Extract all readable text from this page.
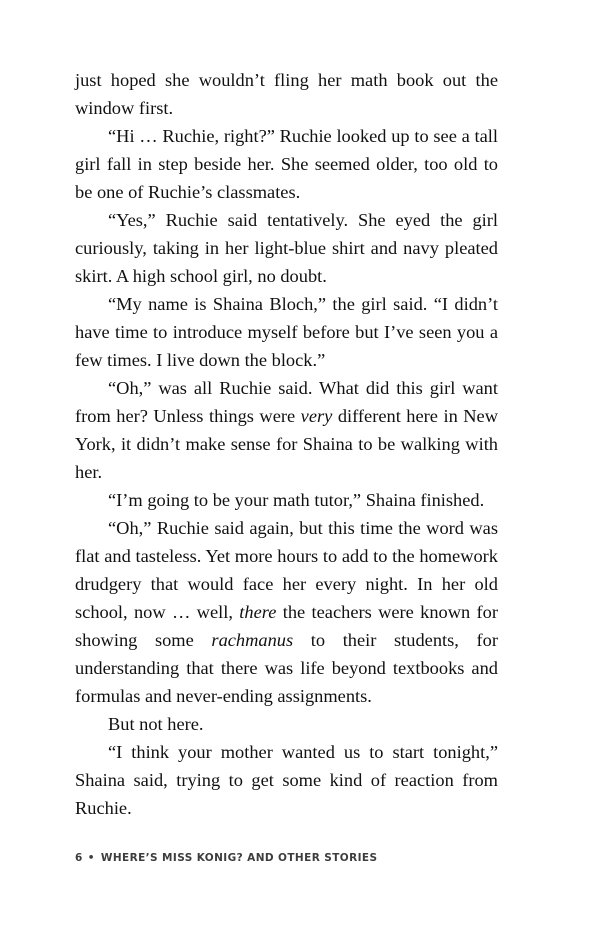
just hoped she wouldn’t fling her math book out the window first.

“Hi … Ruchie, right?” Ruchie looked up to see a tall girl fall in step beside her. She seemed older, too old to be one of Ruchie’s classmates.

“Yes,” Ruchie said tentatively. She eyed the girl curiously, taking in her light-blue shirt and navy pleated skirt. A high school girl, no doubt.

“My name is Shaina Bloch,” the girl said. “I didn’t have time to introduce myself before but I’ve seen you a few times. I live down the block.”

“Oh,” was all Ruchie said. What did this girl want from her? Unless things were very different here in New York, it didn’t make sense for Shaina to be walking with her.

“I’m going to be your math tutor,” Shaina finished.

“Oh,” Ruchie said again, but this time the word was flat and tasteless. Yet more hours to add to the homework drudgery that would face her every night. In her old school, now … well, there the teachers were known for showing some rachmanus to their students, for understanding that there was life beyond textbooks and formulas and never-ending assignments.

But not here.

“I think your mother wanted us to start tonight,” Shaina said, trying to get some kind of reaction from Ruchie.

6 • WHERE’S MISS KONIG? AND OTHER STORIES
